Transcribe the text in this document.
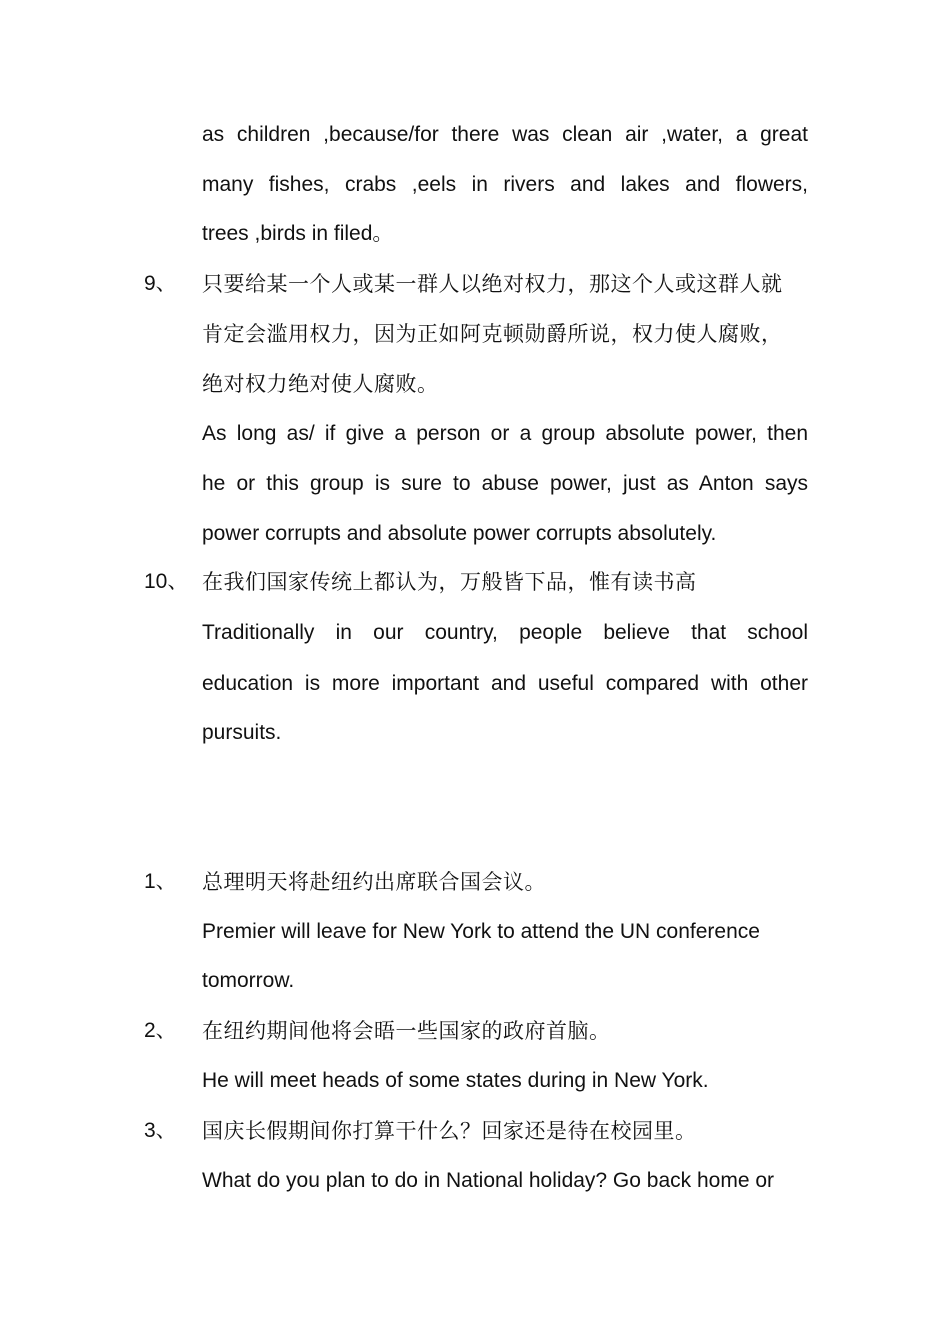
as children ,because/for there was clean air ,water, a great
many fishes, crabs ,eels in rivers and lakes and flowers,
trees ,birds in filed。
9、 只要给某一个人或某一群人以绝对权力，那这个人或这群人就
肯定会滥用权力，因为正如阿克顿勋爵所说，权力使人腐败，
绝对权力绝对使人腐败。
As long as/ if give a person or a group absolute power, then
he or this group is sure to abuse power, just as Anton says
power corrupts and absolute power corrupts absolutely.
10、 在我们国家传统上都认为，万般皆下品，惟有读书高
Traditionally in our country, people believe that school
education is more important and useful compared with other
pursuits.
1、 总理明天将赴纽约出席联合国会议。
Premier will leave for New York to attend the UN conference
tomorrow.
2、 在纽约期间他将会晤一些国家的政府首脑。
He will meet heads of some states during in New York.
3、 国庆长假期间你打算干什么？回家还是待在校园里。
What do you plan to do in National holiday? Go back home or
